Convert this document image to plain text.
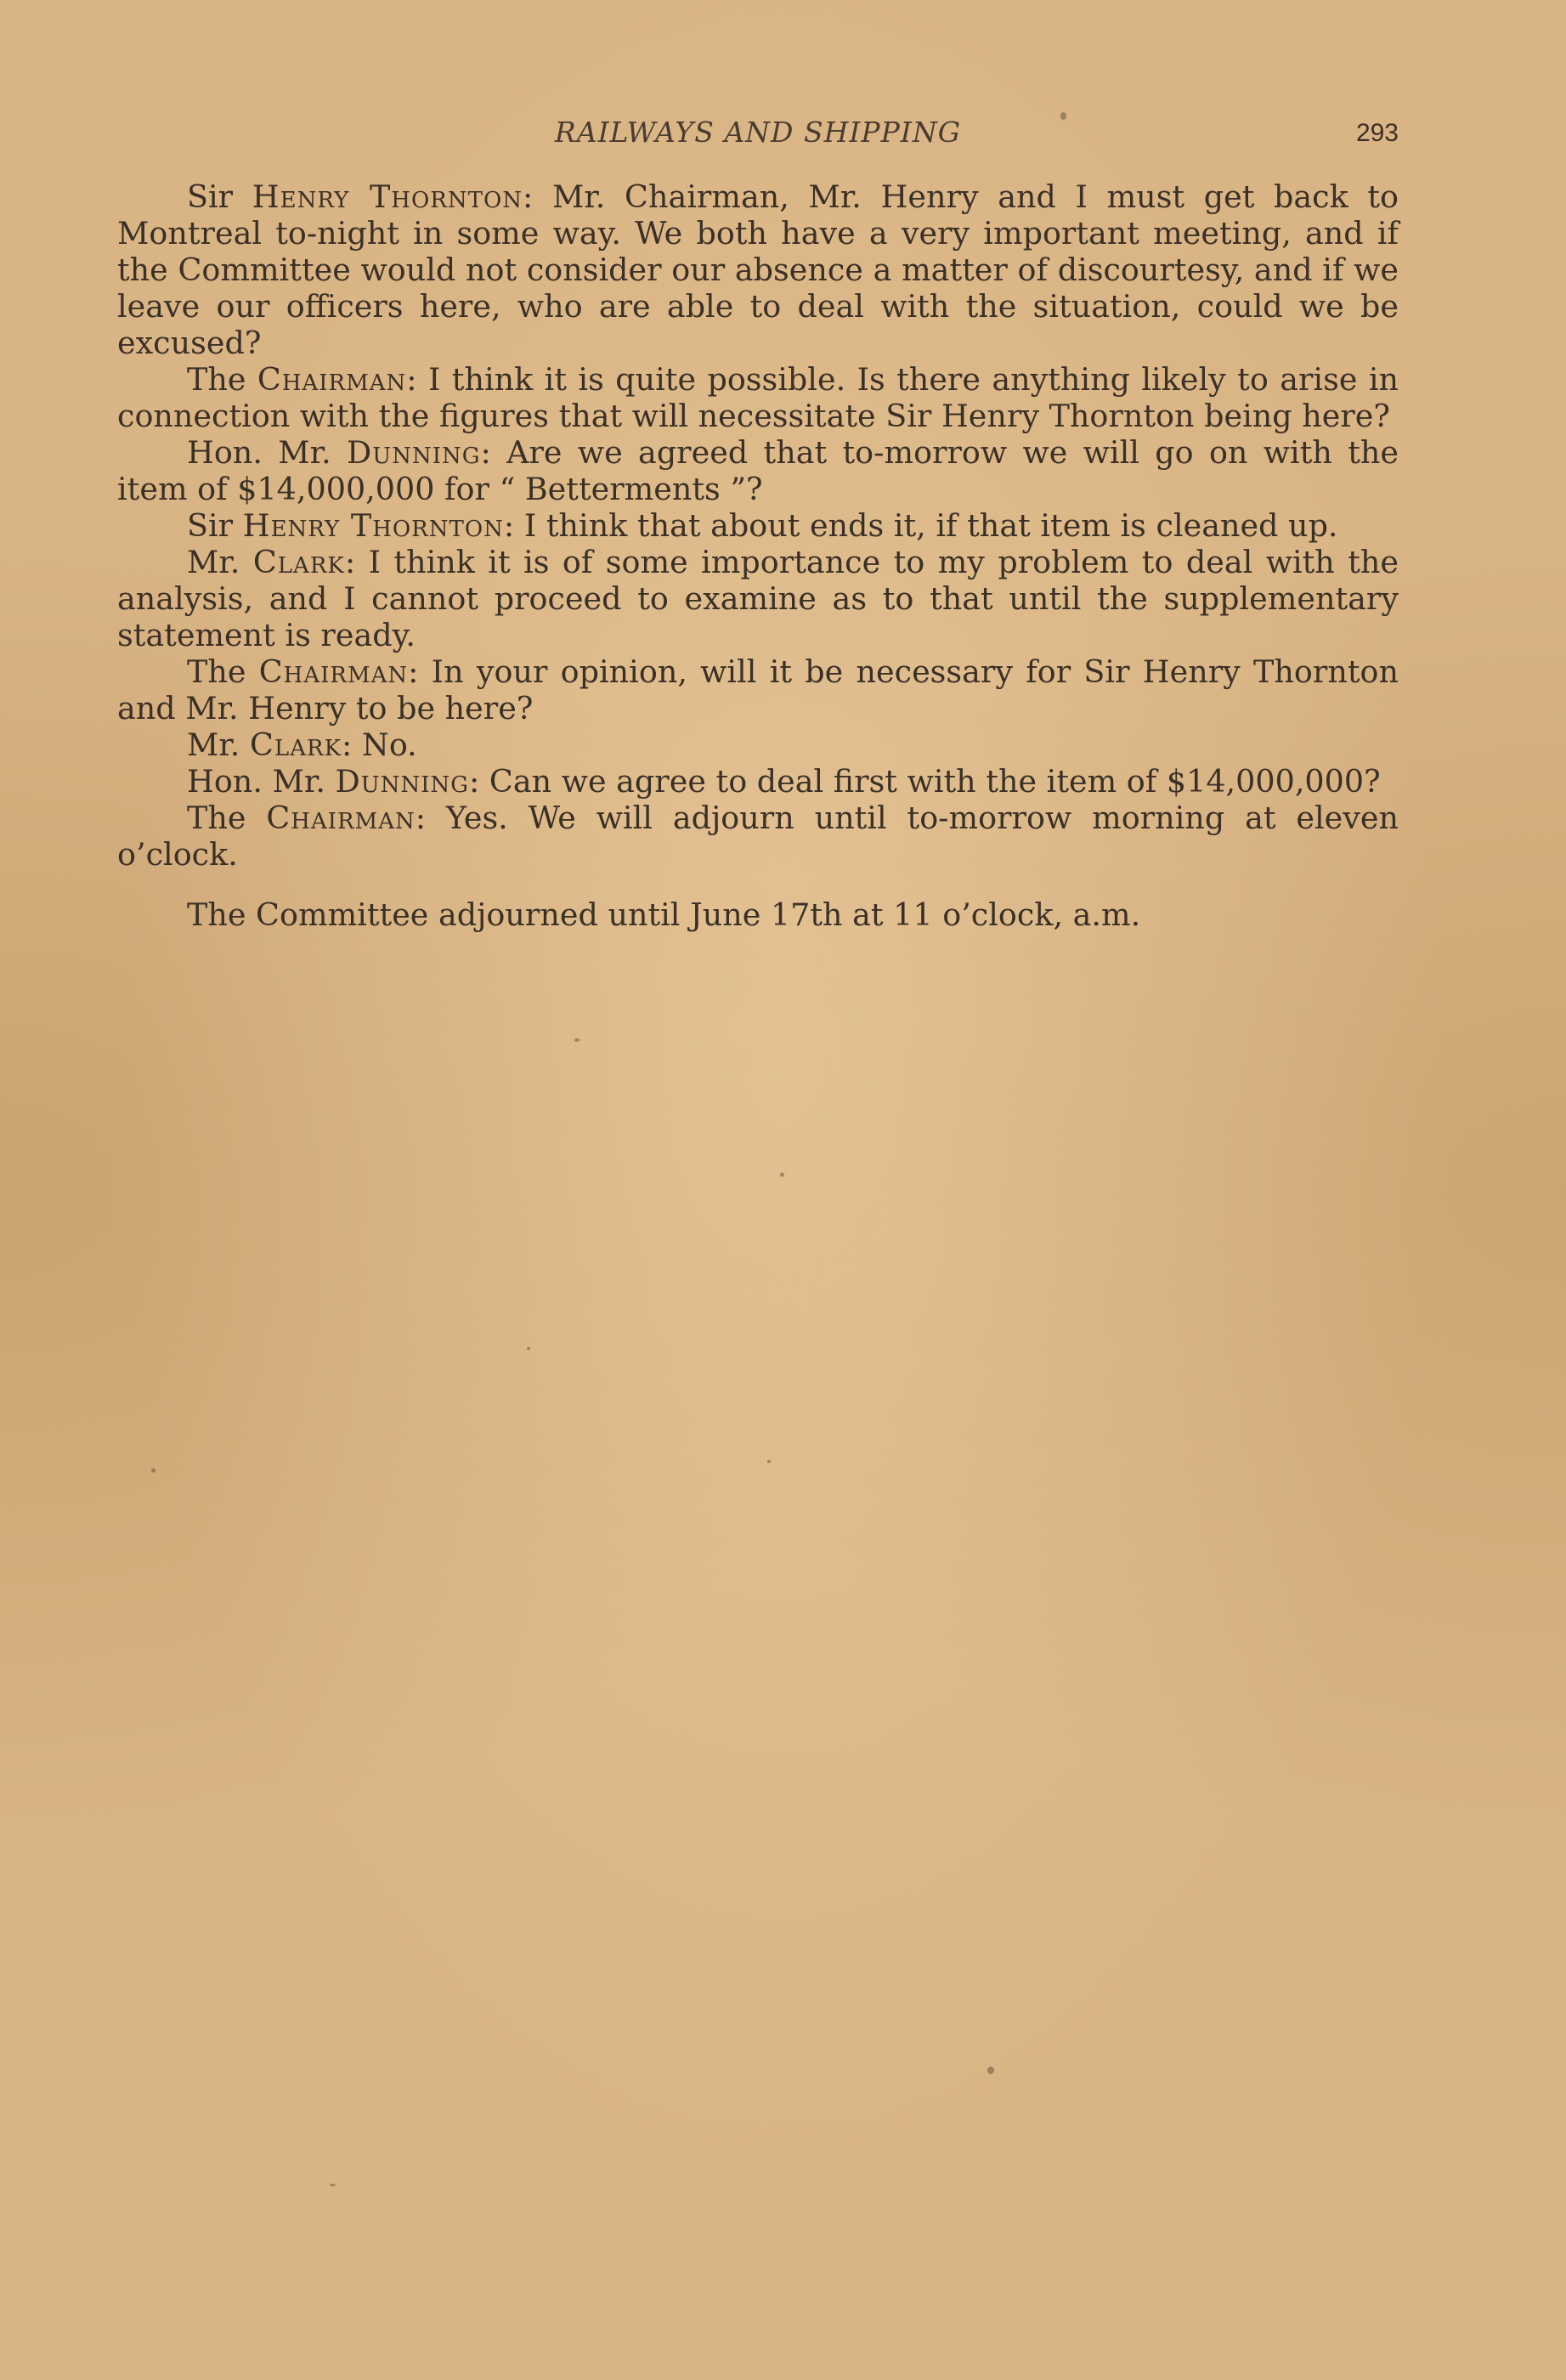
RAILWAYS AND SHIPPING	293

Sir Henry Thornton: Mr. Chairman, Mr. Henry and I must get back to Montreal to-night in some way. We both have a very important meeting, and if the Committee would not consider our absence a matter of discourtesy, and if we leave our officers here, who are able to deal with the situation, could we be excused?

The Chairman: I think it is quite possible. Is there anything likely to arise in connection with the figures that will necessitate Sir Henry Thornton being here?

Hon. Mr. Dunning: Are we agreed that to-morrow we will go on with the item of $14,000,000 for “ Betterments ”?

Sir Henry Thornton: I think that about ends it, if that item is cleaned up.

Mr. Clark: I think it is of some importance to my problem to deal with the analysis, and I cannot proceed to examine as to that until the supplementary statement is ready.

The Chairman: In your opinion, will it be necessary for Sir Henry Thornton and Mr. Henry to be here?

Mr. Clark: No.

Hon. Mr. Dunning: Can we agree to deal first with the item of $14,000,000?

The Chairman: Yes. We will adjourn until to-morrow morning at eleven o’clock.

The Committee adjourned until June 17th at 11 o’clock, a.m.
